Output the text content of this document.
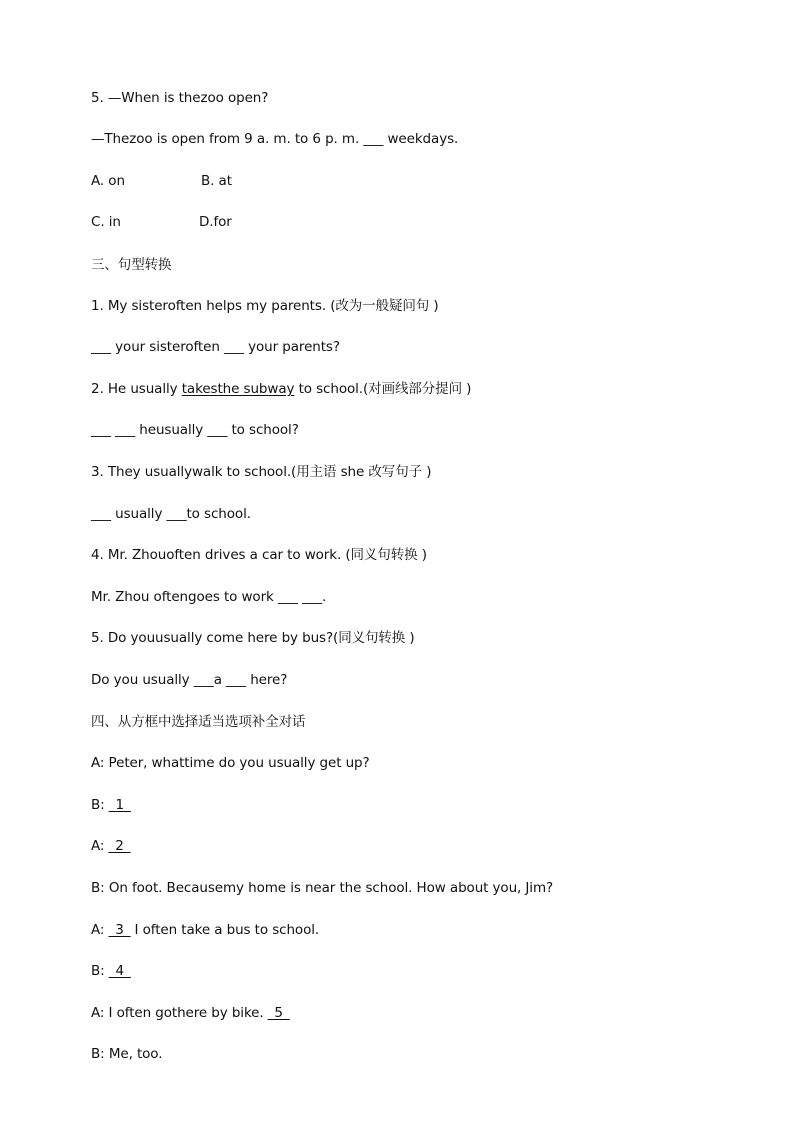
5. —When is thezoo open?
—Thezoo is open from 9 a. m. to 6 p. m. ___ weekdays.
A. on	B. at
C. in	D.for
三、句型转换
1. My sisteroften helps my parents. (改为一般疑问句 )
___ your sisteroften ___ your parents?
2. He usually takesthe subway to school.(对画线部分提问 )
___ ___ heusually ___ to school?
3. They usuallywalk to school.(用主语 she 改写句子 )
___ usually ___to school.
4. Mr. Zhouoften drives a car to work. (同义句转换 )
Mr. Zhou oftengoes to work ___ ___.
5. Do youusually come here by bus?(同义句转换 )
Do you usually ___a ___ here?
四、从方框中选择适当选项补全对话
A: Peter, whattime do you usually get up?
B: _1_
A: _2_
B: On foot. Becausemy home is near the school. How about you, Jim?
A: _3_ I often take a bus to school.
B: _4_
A: I often gothere by bike. _5_
B: Me, too.
